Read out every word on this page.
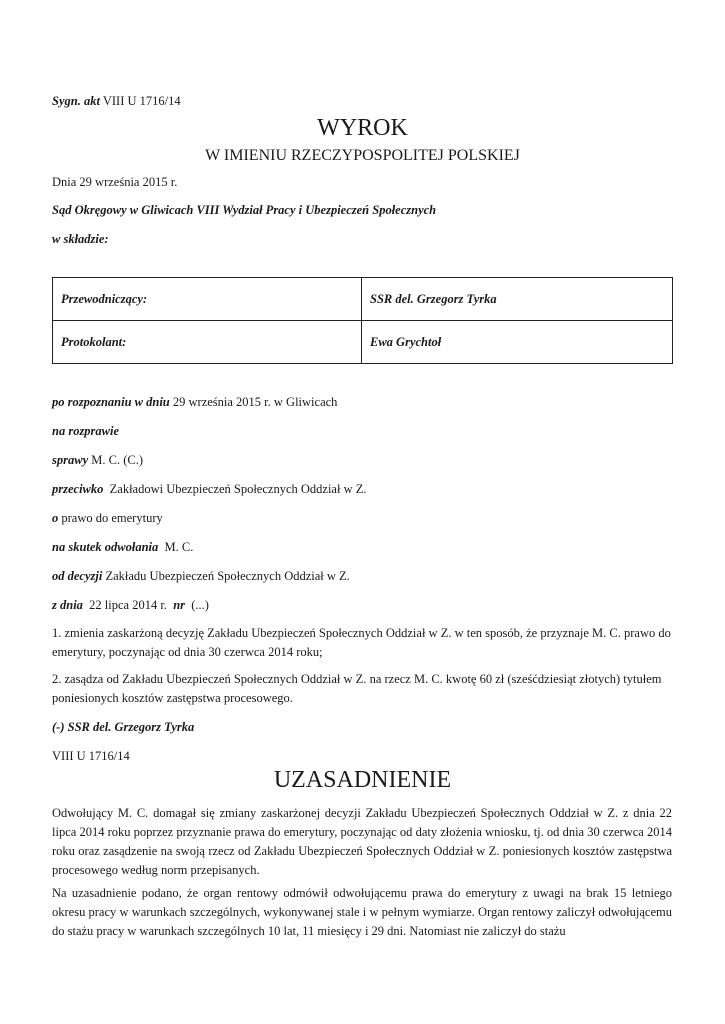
Sygn. akt VIII U 1716/14
WYROK
W IMIENIU RZECZYPOSPOLITEJ POLSKIEJ
Dnia 29 września 2015 r.
Sąd Okręgowy w Gliwicach VIII Wydział Pracy i Ubezpieczeń Społecznych
w składzie:
Przewodniczący:	SSR del. Grzegorz Tyrka
Protokolant:	Ewa Grychtoł
po rozpoznaniu w dniu 29 września 2015 r. w Gliwicach
na rozprawie
sprawy M. C. (C.)
przeciwko  Zakładowi Ubezpieczeń Społecznych Oddział w Z.
o prawo do emerytury
na skutek odwołania  M. C.
od decyzji Zakładu Ubezpieczeń Społecznych Oddział w Z.
z dnia  22 lipca 2014 r.  nr  (...)
1. zmienia zaskarżoną decyzję Zakładu Ubezpieczeń Społecznych Oddział w Z. w ten sposób, że przyznaje M. C. prawo do emerytury, poczynając od dnia 30 czerwca 2014 roku;
2. zasądza od Zakładu Ubezpieczeń Społecznych Oddział w Z. na rzecz M. C. kwotę 60 zł (sześćdziesiąt złotych) tytułem poniesionych kosztów zastępstwa procesowego.
(-) SSR del. Grzegorz Tyrka
VIII U 1716/14
UZASADNIENIE
Odwołujący M. C. domagał się zmiany zaskarżonej decyzji Zakładu Ubezpieczeń Społecznych Oddział w Z. z dnia 22 lipca 2014 roku poprzez przyznanie prawa do emerytury, poczynając od daty złożenia wniosku, tj. od dnia 30 czerwca 2014 roku oraz zasądzenie na swoją rzecz od Zakładu Ubezpieczeń Społecznych Oddział w Z. poniesionych kosztów zastępstwa procesowego według norm przepisanych.
Na uzasadnienie podano, że organ rentowy odmówił odwołującemu prawa do emerytury z uwagi na brak 15 letniego okresu pracy w warunkach szczególnych, wykonywanej stale i w pełnym wymiarze. Organ rentowy zaliczył odwołującemu do stażu pracy w warunkach szczególnych 10 lat, 11 miesięcy i 29 dni. Natomiast nie zaliczył do stażu
